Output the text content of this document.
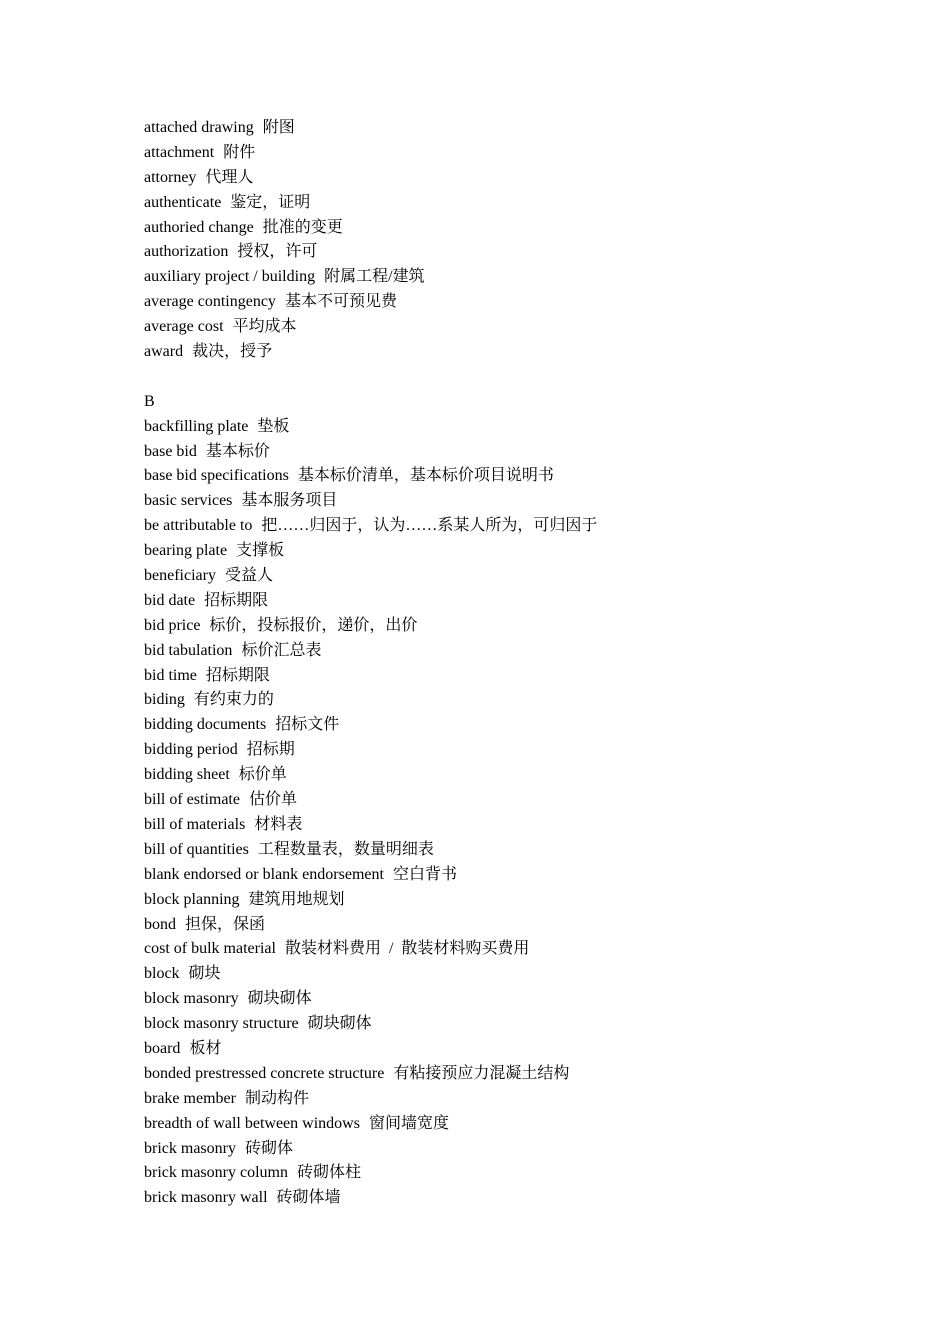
attached drawing 附图
attachment 附件
attorney 代理人
authenticate 鉴定，证明
authoried change 批准的变更
authorization 授权，许可
auxiliary project / building 附属工程/建筑
average contingency 基本不可预见费
average cost 平均成本
award 裁决，授予
B
backfilling plate 垫板
base bid 基本标价
base bid specifications 基本标价清单，基本标价项目说明书
basic services 基本服务项目
be attributable to 把……归因于，认为……系某人所为，可归因于
bearing plate 支撑板
beneficiary 受益人
bid date 招标期限
bid price 标价，投标报价，递价，出价
bid tabulation 标价汇总表
bid time 招标期限
biding 有约束力的
bidding documents 招标文件
bidding period 招标期
bidding sheet 标价单
bill of estimate 估价单
bill of materials 材料表
bill of quantities 工程数量表，数量明细表
blank endorsed or blank endorsement 空白背书
block planning 建筑用地规划
bond 担保，保函
cost of bulk material 散装材料费用  /  散装材料购买费用
block 砌块
block masonry 砌块砌体
block masonry structure 砌块砌体
board 板材
bonded prestressed concrete structure 有粘接预应力混凝土结构
brake member 制动构件
breadth of wall between windows 窗间墙宽度
brick masonry 砖砌体
brick masonry column 砖砌体柱
brick masonry wall 砖砌体墙
